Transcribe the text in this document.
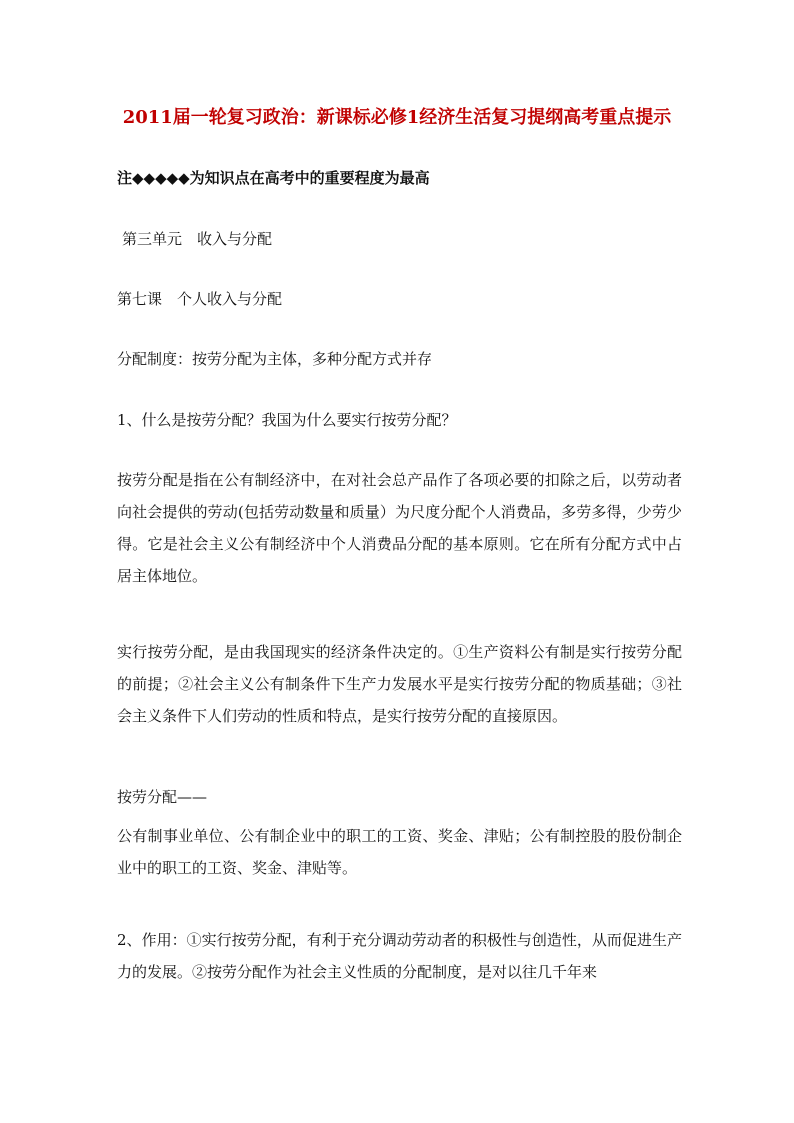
2011届一轮复习政治：新课标必修1经济生活复习提纲高考重点提示
注◆◆◆◆◆为知识点在高考中的重要程度为最高
第三单元　收入与分配
第七课　个人收入与分配
分配制度：按劳分配为主体，多种分配方式并存
1、什么是按劳分配？我国为什么要实行按劳分配？
按劳分配是指在公有制经济中，在对社会总产品作了各项必要的扣除之后，以劳动者向社会提供的劳动(包括劳动数量和质量）为尺度分配个人消费品，多劳多得，少劳少得。它是社会主义公有制经济中个人消费品分配的基本原则。它在所有分配方式中占居主体地位。
实行按劳分配，是由我国现实的经济条件决定的。①生产资料公有制是实行按劳分配的前提；②社会主义公有制条件下生产力发展水平是实行按劳分配的物质基础；③社会主义条件下人们劳动的性质和特点，是实行按劳分配的直接原因。
按劳分配——
公有制事业单位、公有制企业中的职工的工资、奖金、津贴；公有制控股的股份制企业中的职工的工资、奖金、津贴等。
2、作用：①实行按劳分配，有利于充分调动劳动者的积极性与创造性，从而促进生产力的发展。②按劳分配作为社会主义性质的分配制度，是对以往几千年来
